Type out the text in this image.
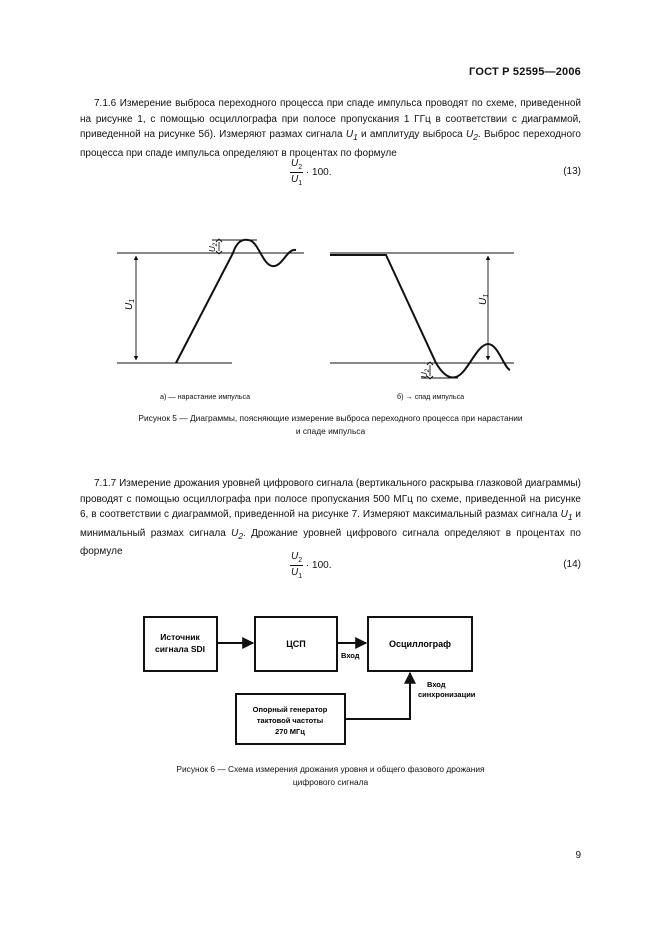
ГОСТ Р 52595—2006

7.1.6 Измерение выброса переходного процесса при спаде импульса проводят по схеме, приведенной на рисунке 1, с помощью осциллографа при полосе пропускания 1 ГГц в соответствии с диаграммой, приведенной на рисунке 5б). Измеряют размах сигнала $U_1$ и амплитуду выброса $U_2$. Выброс переходного процесса при спаде импульса определяют в процентах по формуле

$\frac{U_2}{U_1} \cdot 100$.	(13)
$U_1$
$U_2$
$U_1$
$U_2$
а) — нарастание импульса	б) → спад импульса
Рисунок 5 — Диаграммы, поясняющие измерение выброса переходного процесса при нарастании
и спаде импульса

7.1.7 Измерение дрожания уровней цифрового сигнала (вертикального раскрыва глазковой диаграммы) проводят с помощью осциллографа при полосе пропускания 500 МГц по схеме, приведенной на рисунке 6, в соответствии с диаграммой, приведенной на рисунке 7. Измеряют максимальный размах сигнала $U_1$ и минимальный размах сигнала $U_2$. Дрожание уровней цифрового сигнала определяют в процентах по формуле	$\frac{U_2}{U_1} \cdot 100$.	(14)
Источник
сигнала SDI	ЦСП	Осциллограф
Опорный генератор
тактовой частоты
270 МГц
Вход
Вход
синхронизации
Рисунок 6 — Схема измерения дрожания уровня и общего фазового дрожания
цифрового сигнала
9
